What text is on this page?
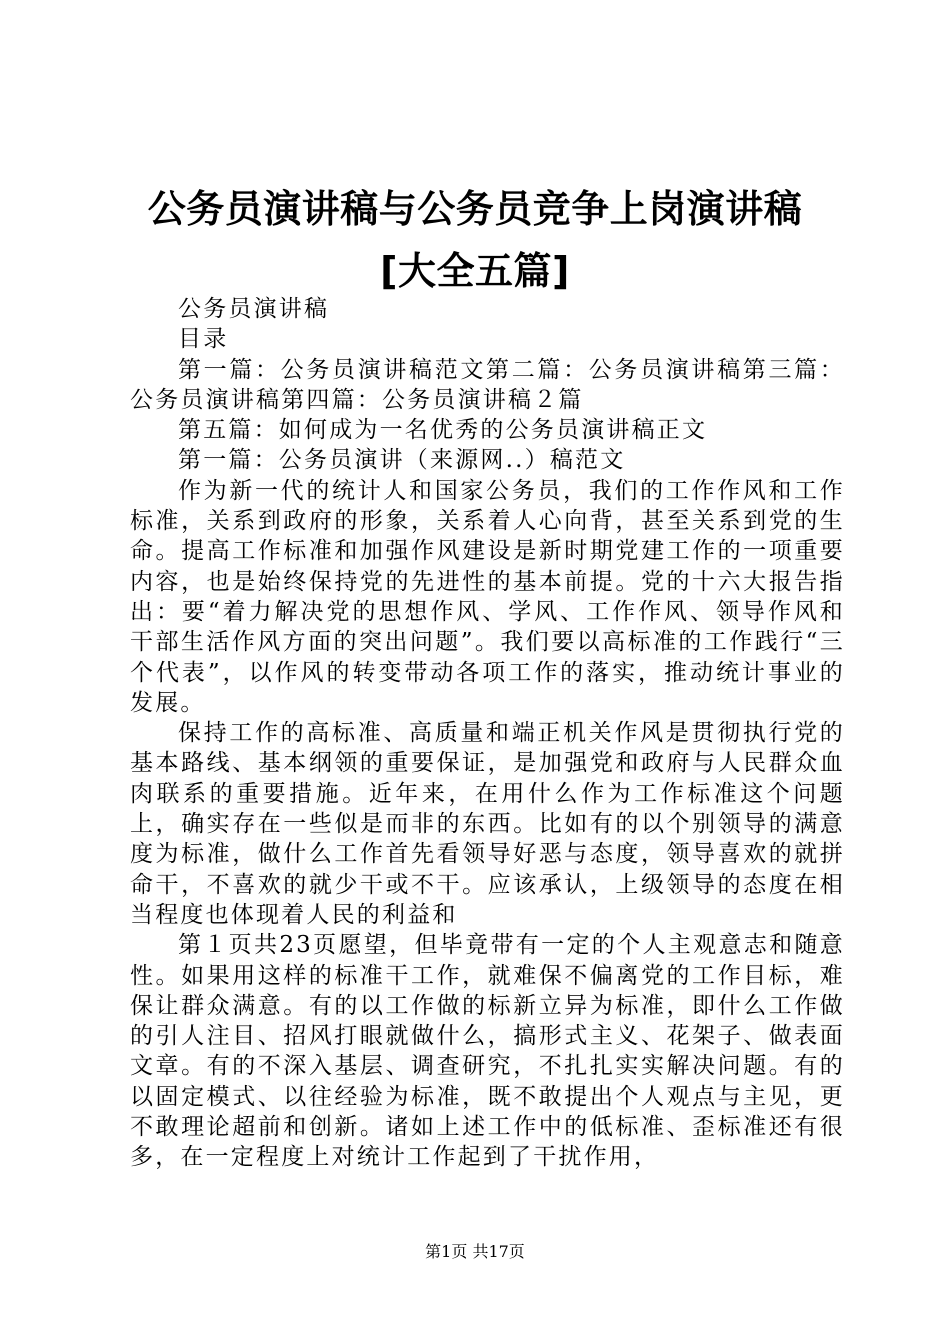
公务员演讲稿与公务员竞争上岗演讲稿[大全五篇]

公务员演讲稿

目录

第一篇：公务员演讲稿范文第二篇：公务员演讲稿第三篇：公务员演讲稿第四篇：公务员演讲稿２篇

第五篇：如何成为一名优秀的公务员演讲稿正文

第一篇：公务员演讲（来源网..）稿范文

作为新一代的统计人和国家公务员，我们的工作作风和工作标准，关系到政府的形象，关系着人心向背，甚至关系到党的生命。提高工作标准和加强作风建设是新时期党建工作的一项重要内容，也是始终保持党的先进性的基本前提。党的十六大报告指出：要“着力解决党的思想作风、学风、工作作风、领导作风和干部生活作风方面的突出问题”。我们要以高标准的工作践行“三个代表”，以作风的转变带动各项工作的落实，推动统计事业的发展。

保持工作的高标准、高质量和端正机关作风是贯彻执行党的基本路线、基本纲领的重要保证，是加强党和政府与人民群众血肉联系的重要措施。近年来，在用什么作为工作标准这个问题上，确实存在一些似是而非的东西。比如有的以个别领导的满意度为标准，做什么工作首先看领导好恶与态度，领导喜欢的就拼命干，不喜欢的就少干或不干。应该承认，上级领导的态度在相当程度也体现着人民的利益和

第１页共23页愿望，但毕竟带有一定的个人主观意志和随意性。如果用这样的标准干工作，就难保不偏离党的工作目标，难保让群众满意。有的以工作做的标新立异为标准，即什么工作做的引人注目、招风打眼就做什么，搞形式主义、花架子、做表面文章。有的不深入基层、调查研究，不扎扎实实解决问题。有的以固定模式、以往经验为标准，既不敢提出个人观点与主见，更不敢理论超前和创新。诸如上述工作中的低标准、歪标准还有很多，在一定程度上对统计工作起到了干扰作用，

第1页 共17页
